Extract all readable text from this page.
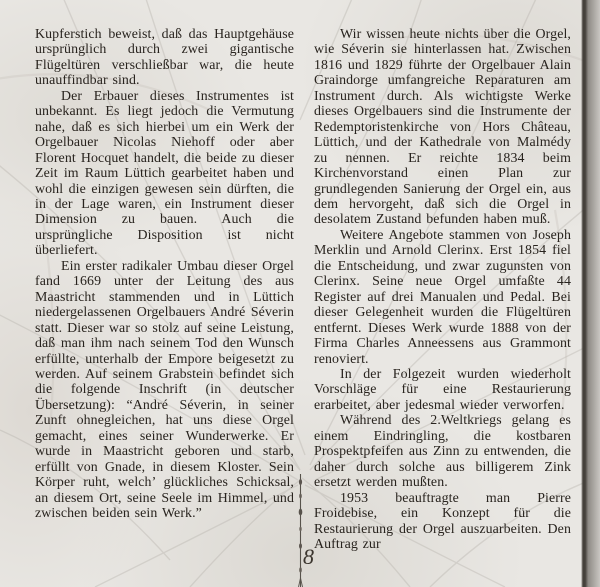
Kupferstich beweist, daß das Hauptgehäuse ursprünglich durch zwei gigantische Flügeltüren verschließbar war, die heute unauffindbar sind.

Der Erbauer dieses Instrumentes ist unbekannt. Es liegt jedoch die Vermutung nahe, daß es sich hierbei um ein Werk der Orgelbauer Nicolas Niehoff oder aber Florent Hocquet handelt, die beide zu dieser Zeit im Raum Lüttich gearbeitet haben und wohl die einzigen gewesen sein dürften, die in der Lage waren, ein Instrument dieser Dimension zu bauen. Auch die ursprüngliche Disposition ist nicht überliefert.

Ein erster radikaler Umbau dieser Orgel fand 1669 unter der Leitung des aus Maastricht stammenden und in Lüttich niedergelassenen Orgelbauers André Séverin statt. Dieser war so stolz auf seine Leistung, daß man ihm nach seinem Tod den Wunsch erfüllte, unterhalb der Empore beigesetzt zu werden. Auf seinem Grabstein befindet sich die folgende Inschrift (in deutscher Übersetzung): “André Séverin, in seiner Zunft ohnegleichen, hat uns diese Orgel gemacht, eines seiner Wunderwerke. Er wurde in Maastricht geboren und starb, erfüllt von Gnade, in diesem Kloster. Sein Körper ruht, welch’ glückliches Schicksal, an diesem Ort, seine Seele im Himmel, und zwischen beiden sein Werk.”

Wir wissen heute nichts über die Orgel, wie Séverin sie hinterlassen hat. Zwischen 1816 und 1829 führte der Orgelbauer Alain Graindorge umfangreiche Reparaturen am Instrument durch. Als wichtigste Werke dieses Orgelbauers sind die Instrumente der Redemptoristenkirche von Hors Château, Lüttich, und der Kathedrale von Malmédy zu nennen. Er reichte 1834 beim Kirchenvorstand einen Plan zur grundlegenden Sanierung der Orgel ein, aus dem hervorgeht, daß sich die Orgel in desolatem Zustand befunden haben muß.

Weitere Angebote stammen von Joseph Merklin und Arnold Clerinx. Erst 1854 fiel die Entscheidung, und zwar zugunsten von Clerinx. Seine neue Orgel umfaßte 44 Register auf drei Manualen und Pedal. Bei dieser Gelegenheit wurden die Flügeltüren entfernt. Dieses Werk wurde 1888 von der Firma Charles Anneessens aus Grammont renoviert.

In der Folgezeit wurden wiederholt Vorschläge für eine Restaurierung erarbeitet, aber jedesmal wieder verworfen.

Während des 2.Weltkriegs gelang es einem Eindringling, die kostbaren Prospektpfeifen aus Zinn zu entwenden, die daher durch solche aus billigerem Zink ersetzt werden mußten.

1953 beauftragte man Pierre Froidebise, ein Konzept für die Restaurierung der Orgel auszuarbeiten. Den Auftrag zur

8
